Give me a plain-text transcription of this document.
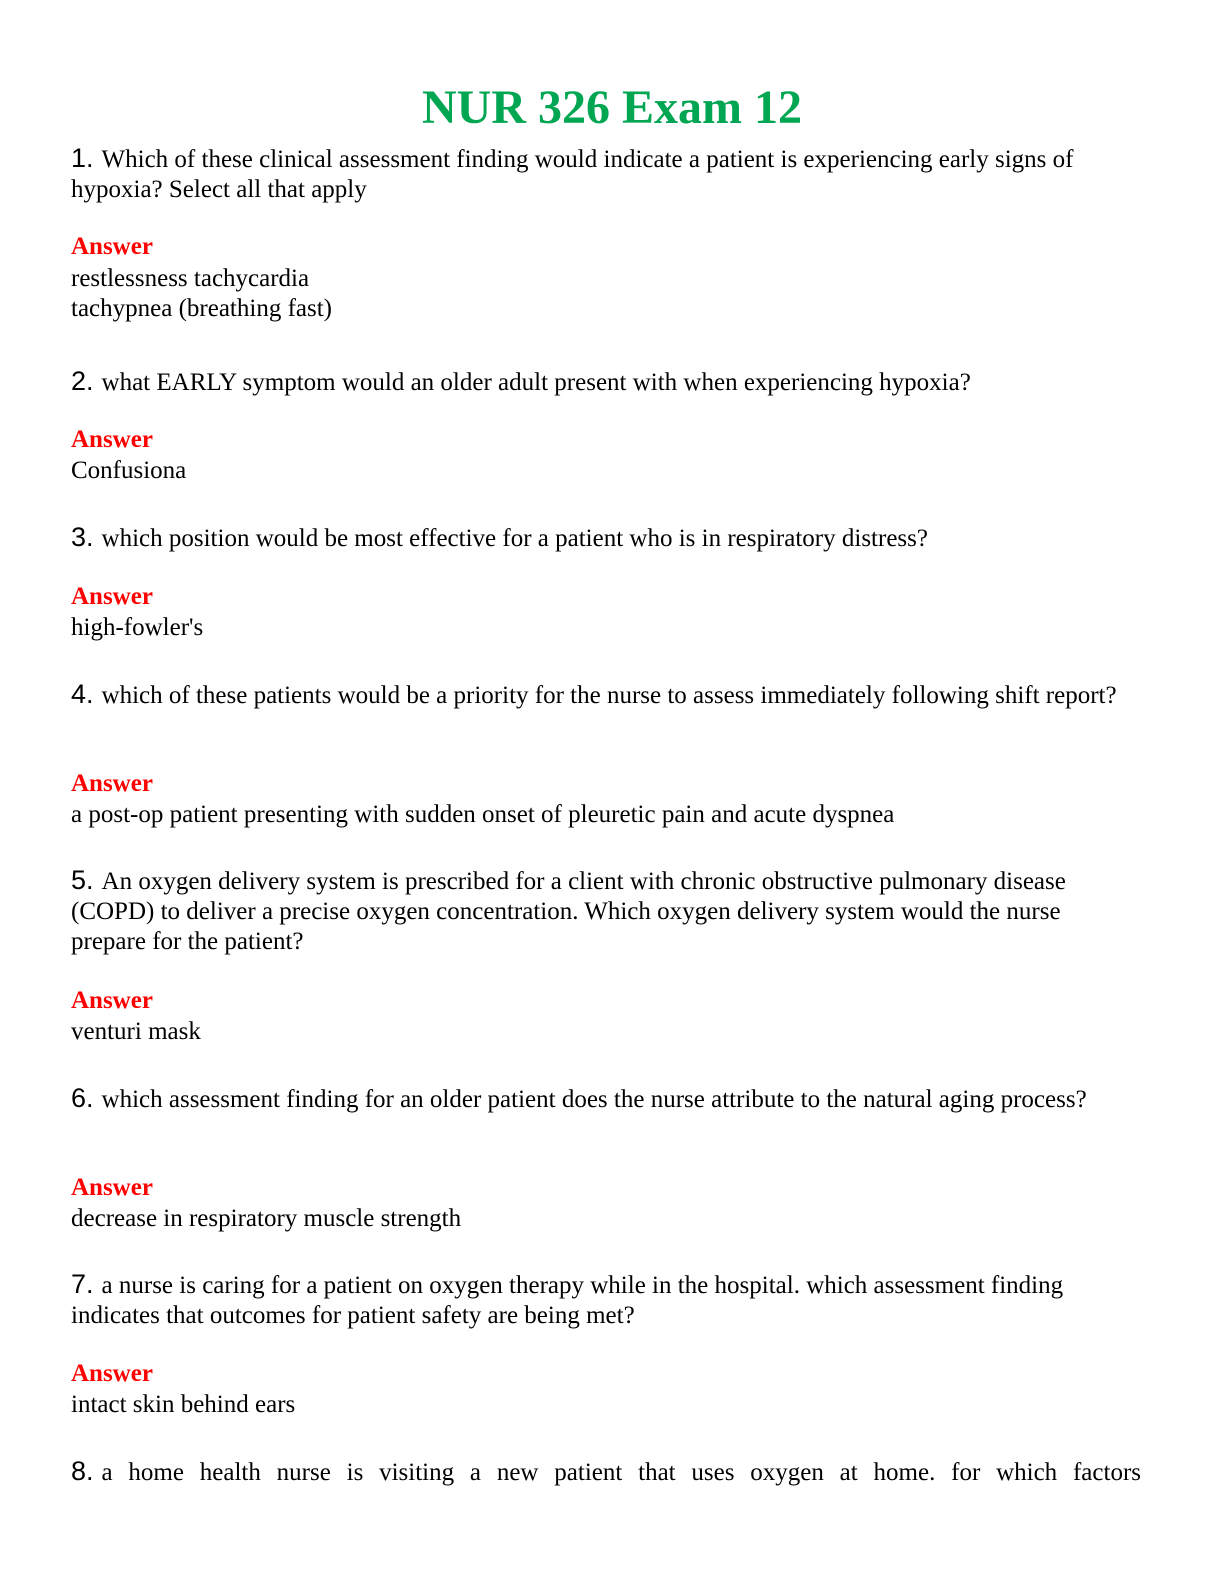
NUR 326 Exam 12
1. Which of these clinical assessment finding would indicate a patient is experiencing early signs of hypoxia? Select all that apply
Answer
restlessness tachycardia
tachypnea (breathing fast)
2. what EARLY symptom would an older adult present with when experiencing hypoxia?
Answer
Confusiona
3. which position would be most effective for a patient who is in respiratory distress?
Answer
high-fowler's
4. which of these patients would be a priority for the nurse to assess immediately following shift report?
Answer
a post-op patient presenting with sudden onset of pleuretic pain and acute dyspnea
5. An oxygen delivery system is prescribed for a client with chronic obstructive pulmonary disease (COPD) to deliver a precise oxygen concentration. Which oxygen delivery system would the nurse prepare for the patient?
Answer
venturi mask
6. which assessment finding for an older patient does the nurse attribute to the natural aging process?
Answer
decrease in respiratory muscle strength
7. a nurse is caring for a patient on oxygen therapy while in the hospital. which assessment finding indicates that outcomes for patient safety are being met?
Answer
intact skin behind ears
8. a home health nurse is visiting a new patient that uses oxygen at home. for which factors
